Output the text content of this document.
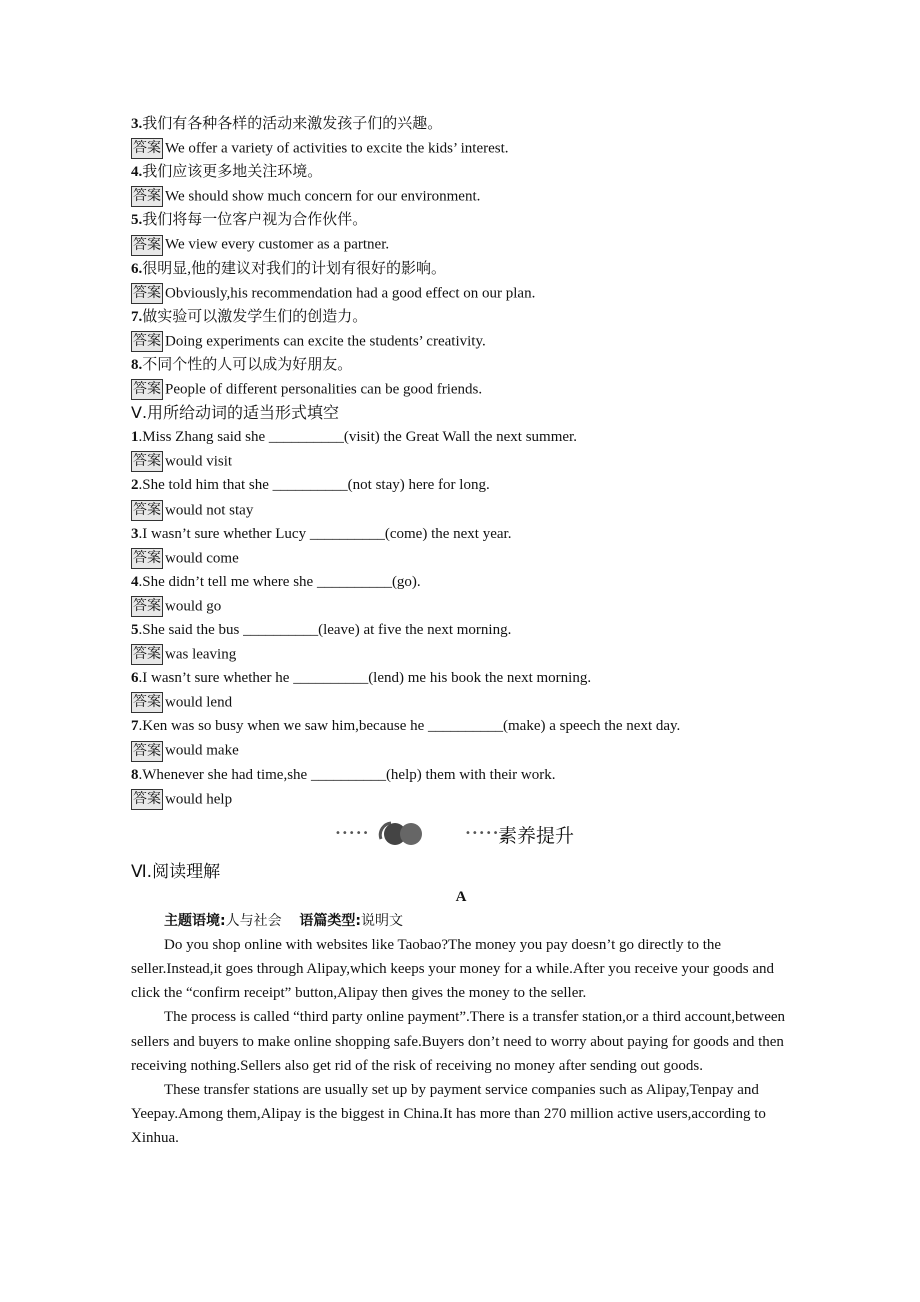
3.我们有各种各样的活动来激发孩子们的兴趣。
答案 We offer a variety of activities to excite the kids’ interest.
4.我们应该更多地关注环境。
答案 We should show much concern for our environment.
5.我们将每一位客户视为合作伙伴。
答案 We view every customer as a partner.
6.很明显,他的建议对我们的计划有很好的影响。
答案 Obviously,his recommendation had a good effect on our plan.
7.做实验可以激发学生们的创造力。
答案 Doing experiments can excite the students’ creativity.
8.不同个性的人可以成为好朋友。
答案 People of different personalities can be good friends.
Ⅴ.用所给动词的适当形式填空
1.Miss Zhang said she __________(visit) the Great Wall the next summer.
答案 would visit
2.She told him that she __________(not stay) here for long.
答案 would not stay
3.I wasn’t sure whether Lucy __________(come) the next year.
答案 would come
4.She didn’t tell me where she __________(go).
答案 would go
5.She said the bus __________(leave) at five the next morning.
答案 was leaving
6.I wasn’t sure whether he __________(lend) me his book the next morning.
答案 would lend
7.Ken was so busy when we saw him,because he __________(make) a speech the next day.
答案 would make
8.Whenever she had time,she __________(help) them with their work.
答案 would help
•••••	•••••
素养提升
Ⅵ.阅读理解
A
主题语境:人与社会 语篇类型:说明文
Do you shop online with websites like Taobao?The money you pay doesn’t go directly to the seller.Instead,it goes through Alipay,which keeps your money for a while.After you receive your goods and click the “confirm receipt” button,Alipay then gives the money to the seller.
The process is called “third party online payment”.There is a transfer station,or a third account,between sellers and buyers to make online shopping safe.Buyers don’t need to worry about paying for goods and then receiving nothing.Sellers also get rid of the risk of receiving no money after sending out goods.
These transfer stations are usually set up by payment service companies such as Alipay,Tenpay and Yeepay.Among them,Alipay is the biggest in China.It has more than 270 million active users,according to Xinhua.
